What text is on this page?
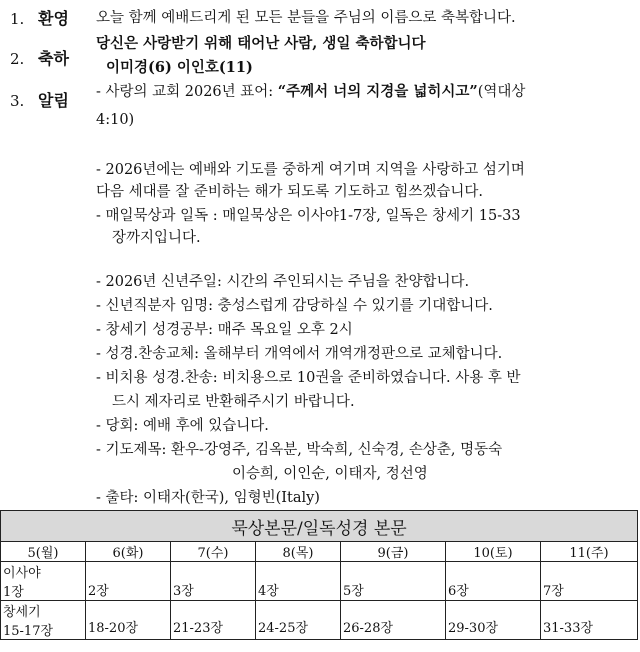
1. 환영
2. 축하
3. 알림
오늘 함께 예배드리게 된 모든 분들을 주님의 이름으로 축복합니다.
당신은 사랑받기 위해 태어난 사람, 생일 축하합니다
이미경(6) 이인호(11)
- 사랑의 교회 2026년 표어: “주께서 너의 지경을 넓히시고”(역대상
4:10)
- 2026년에는 예배와 기도를 중하게 여기며 지역을 사랑하고 섬기며
다음 세대를 잘 준비하는 해가 되도록 기도하고 힘쓰겠습니다.
- 매일묵상과 일독 : 매일묵상은 이사야1-7장, 일독은 창세기 15-33
장까지입니다.
- 2026년 신년주일: 시간의 주인되시는 주님을 찬양합니다.
- 신년직분자 임명: 충성스럽게 감당하실 수 있기를 기대합니다.
- 창세기 성경공부: 매주 목요일 오후 2시
- 성경.찬송교체: 올해부터 개역에서 개역개정판으로 교체합니다.
- 비치용 성경.찬송: 비치용으로 10권을 준비하였습니다. 사용 후 반
드시 제자리로 반환해주시기 바랍니다.
- 당회: 예배 후에 있습니다.
- 기도제목: 환우-강영주, 김옥분, 박숙희, 신숙경, 손상춘, 명동숙
이승희, 이인순, 이태자, 정선영
- 출타: 이태자(한국), 임형빈(Italy)
묵상본문/일독성경 본문						
5(월)	6(화)	7(수)	8(목)	9(금)	10(토)	11(주)

이사야
1장	2장	3장	4장	5장	6장	7장

창세기
15-17장	18-20장	21-23장	24-25장	26-28장	29-30장	31-33장
